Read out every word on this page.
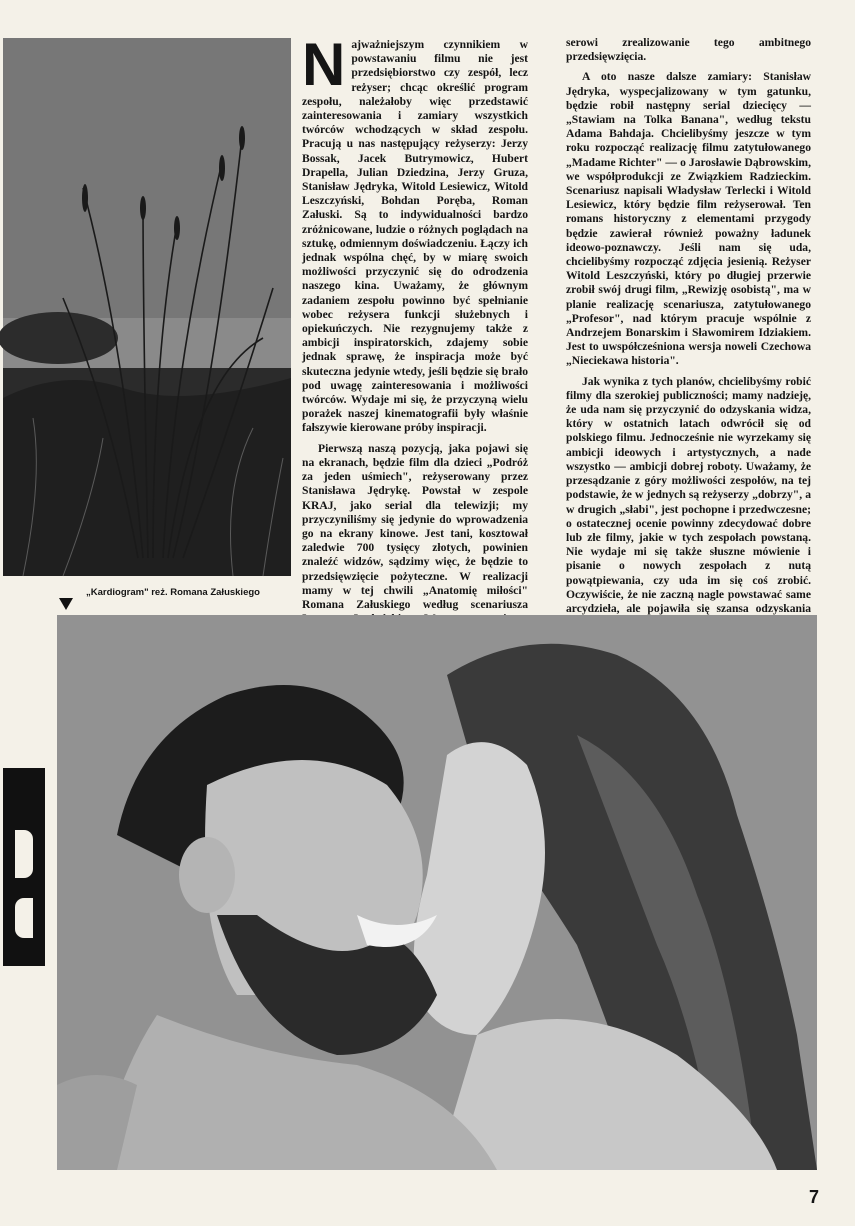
„Kardiogram" reż. Romana Załuskiego

Najważniejszym czynnikiem w powstawaniu filmu nie jest przedsiębiorstwo czy zespół, lecz reżyser; chcąc określić program zespołu, należałoby więc przedstawić zainteresowania i zamiary wszystkich twórców wchodzących w skład zespołu. Pracują u nas następujący reżyserzy: Jerzy Bossak, Jacek Butrymowicz, Hubert Drapella, Julian Dziedzina, Jerzy Gruza, Stanisław Jędryka, Witold Lesiewicz, Witold Leszczyński, Bohdan Poręba, Roman Załuski. Są to indywidualności bardzo zróżnicowane, ludzie o różnych poglądach na sztukę, odmiennym doświadczeniu. Łączy ich jednak wspólna chęć, by w miarę swoich możliwości przyczynić się do odrodzenia naszego kina. Uważamy, że głównym zadaniem zespołu powinno być spełnianie wobec reżysera funkcji służebnych i opiekuńczych. Nie rezygnujemy także z ambicji inspiratorskich, zdajemy sobie jednak sprawę, że inspiracja może być skuteczna jedynie wtedy, jeśli będzie się brało pod uwagę zainteresowania i możliwości twórców. Wydaje mi się, że przyczyną wielu porażek naszej kinematografii były właśnie fałszywie kierowane próby inspiracji.

Pierwszą naszą pozycją, jaka pojawi się na ekranach, będzie film dla dzieci „Podróż za jeden uśmiech", reżyserowany przez Stanisława Jędrykę. Powstał w zespole KRAJ, jako serial dla telewizji; my przyczyniliśmy się jedynie do wprowadzenia go na ekrany kinowe. Jest tani, kosztował zaledwie 700 tysięcy złotych, powinien znaleźć widzów, sądzimy więc, że będzie to przedsięwzięcie pożyteczne. W realizacji mamy w tej chwili „Anatomię miłości" Romana Załuskiego według scenariusza

serowi zrealizowanie tego ambitnego przedsięwzięcia.

A oto nasze dalsze zamiary: Stanisław Jędryka, wyspecjalizowany w tym gatunku, będzie robił następny serial dziecięcy — „Stawiam na Tolka Banana", według tekstu Adama Bahdaja. Chcielibyśmy jeszcze w tym roku rozpocząć realizację filmu zatytułowanego „Madame Richter" — o Jarosławie Dąbrowskim, we współprodukcji ze Związkiem Radzieckim. Scenariusz napisali Władysław Terlecki i Witold Lesiewicz, który będzie film reżyserował. Ten romans historyczny z elementami przygody będzie zawierał również poważny ładunek ideowo-poznawczy. Jeśli nam się uda, chcielibyśmy rozpocząć zdjęcia jesienią. Reżyser Witold Leszczyński, który po długiej przerwie zrobił swój drugi film, „Rewizję osobistą", ma w planie realizację scenariusza, zatytułowanego „Profesor", nad którym pracuje wspólnie z Andrzejem Bonarskim i Sławomirem Idziakiem. Jest to uwspółcześniona wersja noweli Czechowa „Nieciekawa historia".

Jak wynika z tych planów, chcielibyśmy robić filmy dla szerokiej publiczności; mamy nadzieję, że uda nam się przyczynić do odzyskania widza, który w ostatnich latach odwrócił się od polskiego filmu. Jednocześnie nie wyrzekamy się ambicji ideowych i artystycznych, a nade wszystko — ambicji dobrej roboty. Uważamy, że przesądzanie z góry możliwości zespołów, na tej podstawie, że w jednych są reżyserzy „dobrzy", a w drugich „słabi", jest pochopne i przedwczesne; o ostatecznej ocenie powinny zdecydować dobre lub złe filmy, jakie w tych zespołach powstaną. Nie wydaje mi się także słuszne mówienie i pisanie o nowych zespołach z nutą powątpiewania, czy uda im się coś zrobić. Oczywiście, że nie zaczną nagle powstawać same arcydzieła, ale pojawiła się szansa odzyskania

7
